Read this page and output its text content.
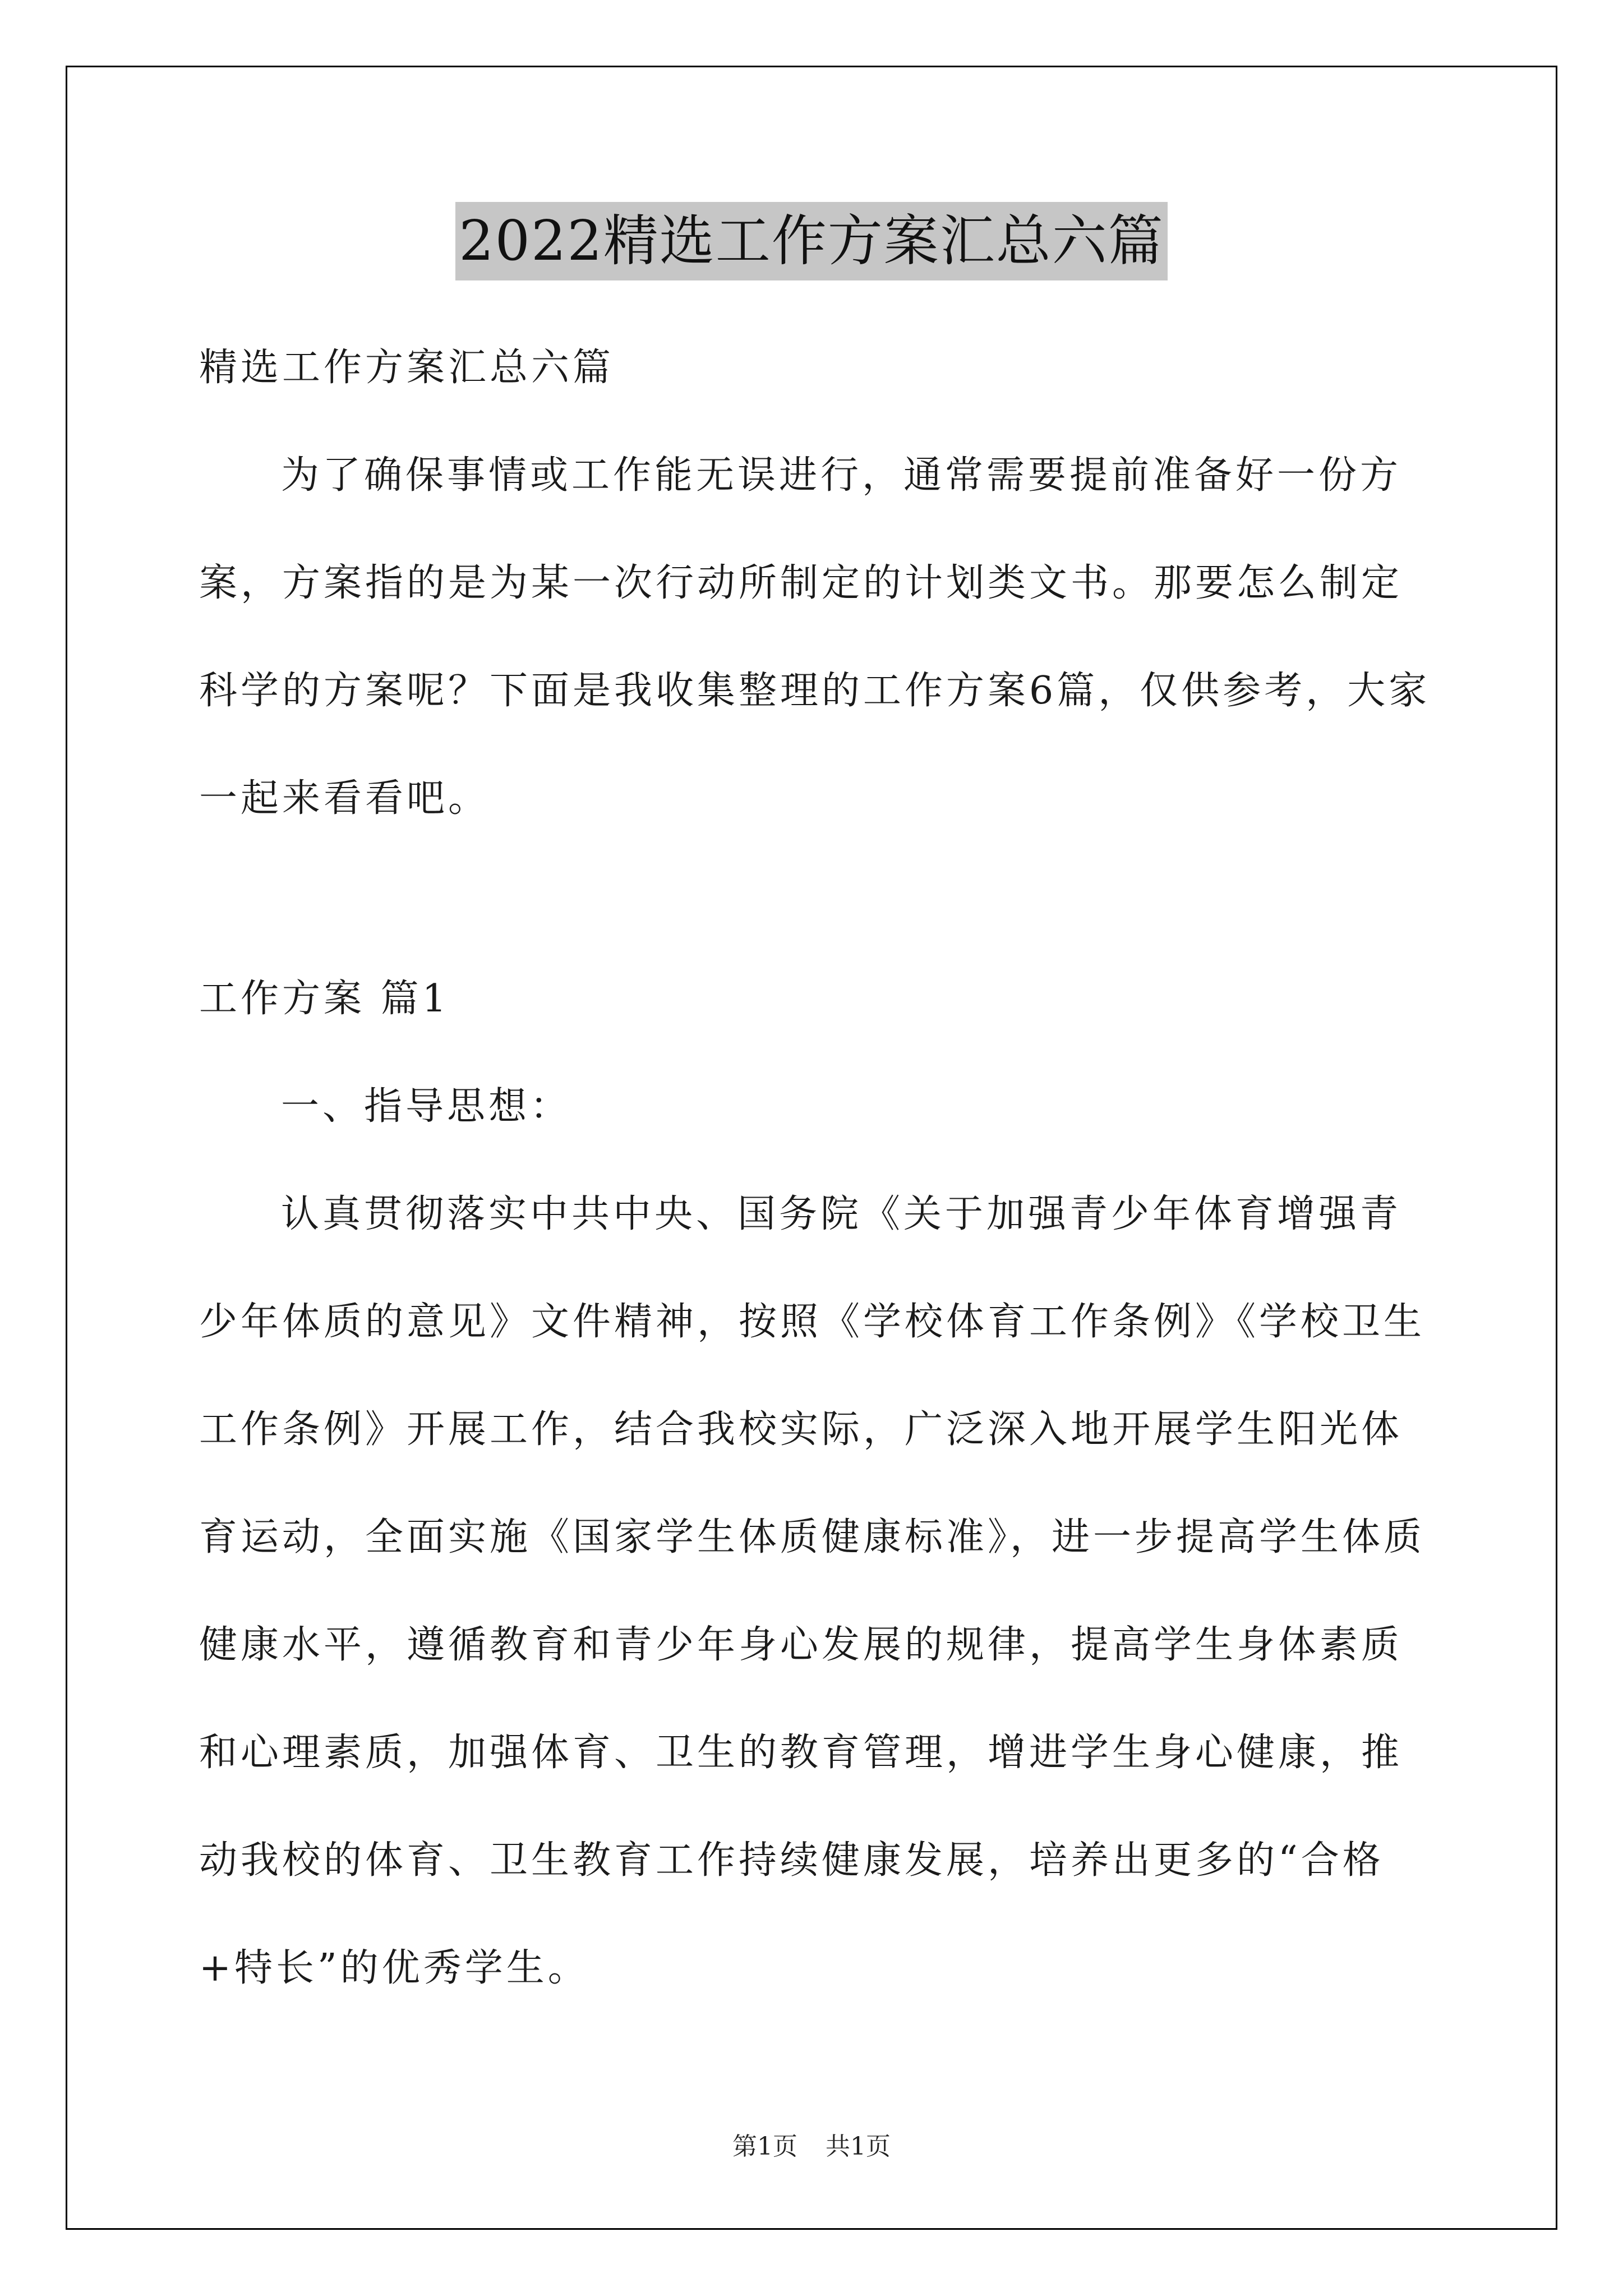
2022精选工作方案汇总六篇

精选工作方案汇总六篇

为了确保事情或工作能无误进行，通常需要提前准备好一份方案，方案指的是为某一次行动所制定的计划类文书。那要怎么制定科学的方案呢？下面是我收集整理的工作方案6篇，仅供参考，大家一起来看看吧。

工作方案 篇1

一、指导思想：

认真贯彻落实中共中央、国务院《关于加强青少年体育增强青少年体质的意见》文件精神，按照《学校体育工作条例》《学校卫生工作条例》开展工作，结合我校实际，广泛深入地开展学生阳光体育运动，全面实施《国家学生体质健康标准》，进一步提高学生体质健康水平，遵循教育和青少年身心发展的规律，提高学生身体素质和心理素质，加强体育、卫生的教育管理，增进学生身心健康，推动我校的体育、卫生教育工作持续健康发展，培养出更多的“合格+特长”的优秀学生。

第1页 共1页
